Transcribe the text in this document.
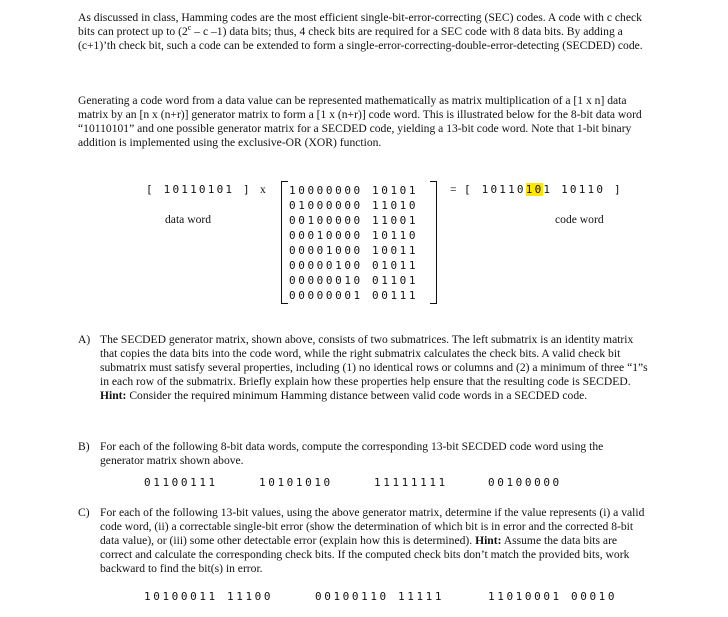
As discussed in class, Hamming codes are the most efficient single-bit-error-correcting (SEC) codes. A code with c check bits can protect up to (2$^c$ – c –1) data bits; thus, 4 check bits are required for a SEC code with 8 data bits. By adding a (c+1)’th check bit, such a code can be extended to form a single-error-correcting-double-error-detecting (SECDED) code.

Generating a code word from a data value can be represented mathematically as matrix multiplication of a [1 x n] data matrix by an [n x (n+r)] generator matrix to form a [1 x (n+r)] code word. This is illustrated below for the 8-bit data word “10110101” and one possible generator matrix for a SECDED code, yielding a 13-bit code word. Note that 1-bit binary addition is implemented using the exclusive-OR (XOR) function.

[ 10110101 ] x
data word
10000000 10101
01000000 11010
00100000 11001
00010000 10110
00001000 10011
00000100 01011
00000010 01101
00000001 00111
= [ 10110101 10110 ]
code word
A) The SECDED generator matrix, shown above, consists of two submatrices. The left submatrix is an identity matrix that copies the data bits into the code word, while the right submatrix calculates the check bits. A valid check bit submatrix must satisfy several properties, including (1) no identical rows or columns and (2) a minimum of three “1”s in each row of the submatrix. Briefly explain how these properties help ensure that the resulting code is SECDED. Hint: Consider the required minimum Hamming distance between valid code words in a SECDED code.
B) For each of the following 8-bit data words, compute the corresponding 13-bit SECDED code word using the generator matrix shown above.
01100111	10101010	11111111	00100000
C) For each of the following 13-bit values, using the above generator matrix, determine if the value represents (i) a valid code word, (ii) a correctable single-bit error (show the determination of which bit is in error and the corrected 8-bit data value), or (iii) some other detectable error (explain how this is determined). Hint: Assume the data bits are correct and calculate the corresponding check bits. If the computed check bits don’t match the provided bits, work backward to find the bit(s) in error.
10100011 11100	00100110 11111	11010001 00010
